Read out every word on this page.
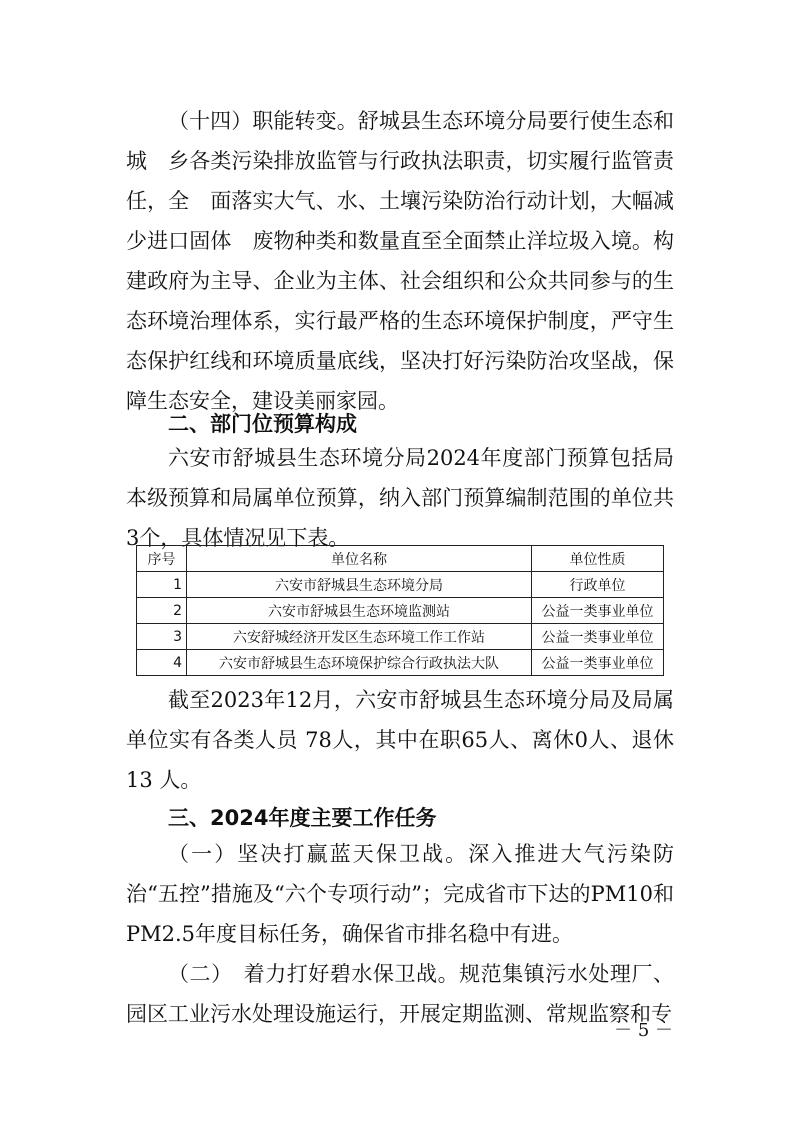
（十四）职能转变。舒城县生态环境分局要行使生态和城　乡各类污染排放监管与行政执法职责，切实履行监管责任，全　面落实大气、水、土壤污染防治行动计划，大幅减少进口固体　废物种类和数量直至全面禁止洋垃圾入境。构建政府为主导、企业为主体、社会组织和公众共同参与的生态环境治理体系，实行最严格的生态环境保护制度，严守生态保护红线和环境质量底线，坚决打好污染防治攻坚战，保障生态安全，建设美丽家园。

二、部门位预算构成

六安市舒城县生态环境分局2024年度部门预算包括局本级预算和局属单位预算，纳入部门预算编制范围的单位共3个，具体情况见下表。

序号	单位名称	单位性质
1	六安市舒城县生态环境分局	行政单位
2	六安市舒城县生态环境监测站	公益一类事业单位
3	六安舒城经济开发区生态环境工作工作站	公益一类事业单位
4	六安市舒城县生态环境保护综合行政执法大队	公益一类事业单位

截至2023年12月，六安市舒城县生态环境分局及局属单位实有各类人员 78人，其中在职65人、离休0人、退休13 人。

三、2024年度主要工作任务

（一）坚决打赢蓝天保卫战。深入推进大气污染防治“五控”措施及“六个专项行动”；完成省市下达的PM10和PM2.5年度目标任务，确保省市排名稳中有进。

（二）　着力打好碧水保卫战。规范集镇污水处理厂、园区工业污水处理设施运行，开展定期监测、常规监察和专

－ 5 －
